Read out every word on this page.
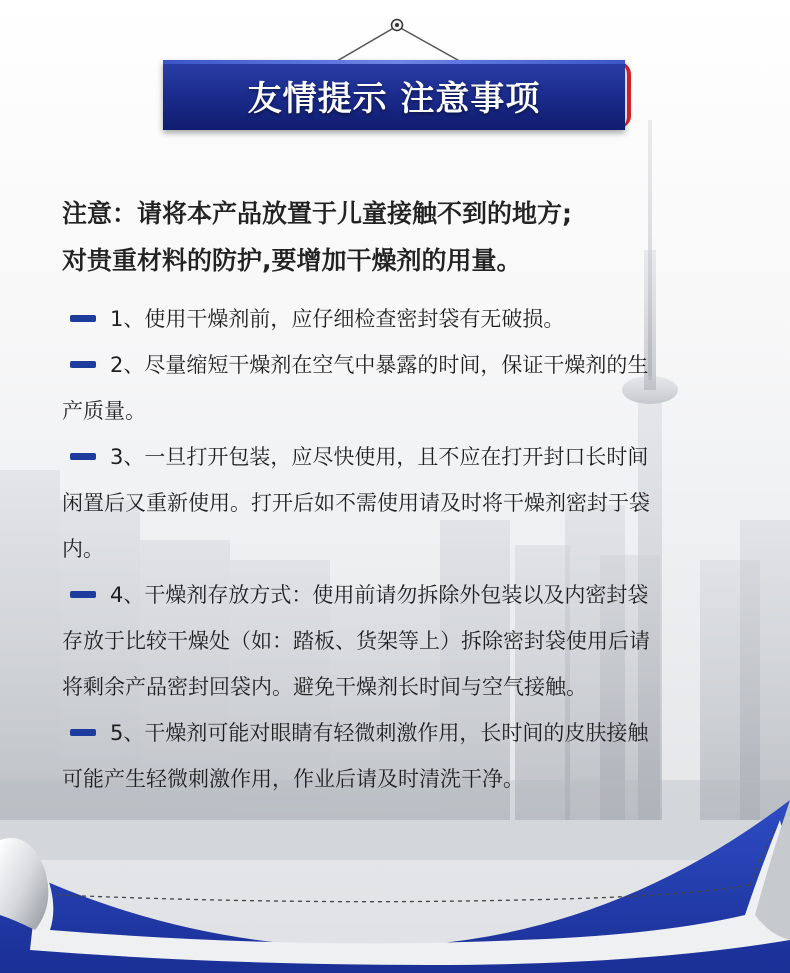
友情提示 注意事项
注意：请将本产品放置于儿童接触不到的地方;
对贵重材料的防护,要增加干燥剂的用量。
1、使用干燥剂前，应仔细检查密封袋有无破损。
2、尽量缩短干燥剂在空气中暴露的时间，保证干燥剂的生
产质量。
3、一旦打开包装，应尽快使用，且不应在打开封口长时间
闲置后又重新使用。打开后如不需使用请及时将干燥剂密封于袋
内。
4、干燥剂存放方式：使用前请勿拆除外包装以及内密封袋
存放于比较干燥处（如：踏板、货架等上）拆除密封袋使用后请
将剩余产品密封回袋内。避免干燥剂长时间与空气接触。
5、干燥剂可能对眼睛有轻微刺激作用，长时间的皮肤接触
可能产生轻微刺激作用，作业后请及时清洗干净。
